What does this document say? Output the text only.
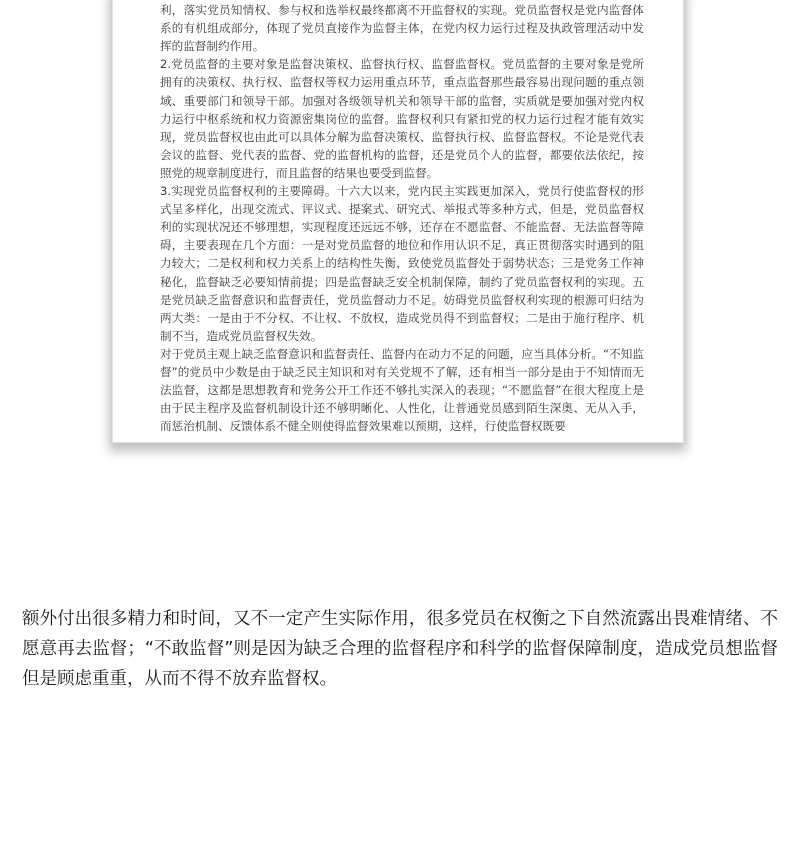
利，落实党员知情权、参与权和选举权最终都离不开监督权的实现。党员监督权是党内监督体系的有机组成部分，体现了党员直接作为监督主体，在党内权力运行过程及执政管理活动中发挥的监督制约作用。

2.党员监督的主要对象是监督决策权、监督执行权、监督监督权。党员监督的主要对象是党所拥有的决策权、执行权、监督权等权力运用重点环节，重点监督那些最容易出现问题的重点领域、重要部门和领导干部。加强对各级领导机关和领导干部的监督，实质就是要加强对党内权力运行中枢系统和权力资源密集岗位的监督。监督权利只有紧扣党的权力运行过程才能有效实现，党员监督权也由此可以具体分解为监督决策权、监督执行权、监督监督权。不论是党代表会议的监督、党代表的监督、党的监督机构的监督，还是党员个人的监督，都要依法依纪，按照党的规章制度进行，而且监督的结果也要受到监督。

3.实现党员监督权利的主要障碍。十六大以来，党内民主实践更加深入，党员行使监督权的形式呈多样化，出现交流式、评议式、提案式、研究式、举报式等多种方式，但是，党员监督权利的实现状况还不够理想，实现程度还远远不够，还存在不愿监督、不能监督、无法监督等障碍，主要表现在几个方面：一是对党员监督的地位和作用认识不足，真正贯彻落实时遇到的阻力较大；二是权利和权力关系上的结构性失衡，致使党员监督处于弱势状态；三是党务工作神秘化，监督缺乏必要知情前提；四是监督缺乏安全机制保障，制约了党员监督权利的实现。五是党员缺乏监督意识和监督责任，党员监督动力不足。妨碍党员监督权利实现的根源可归结为两大类：一是由于不分权、不让权、不放权，造成党员得不到监督权；二是由于施行程序、机制不当，造成党员监督权失效。

对于党员主观上缺乏监督意识和监督责任、监督内在动力不足的问题，应当具体分析。“不知监督”的党员中少数是由于缺乏民主知识和对有关党规不了解，还有相当一部分是由于不知情而无法监督，这都是思想教育和党务公开工作还不够扎实深入的表现；“不愿监督”在很大程度上是由于民主程序及监督机制设计还不够明晰化、人性化，让普通党员感到陌生深奥、无从入手，而惩治机制、反馈体系不健全则使得监督效果难以预期，这样，行使监督权既要

额外付出很多精力和时间，又不一定产生实际作用，很多党员在权衡之下自然流露出畏难情绪、不愿意再去监督；“不敢监督”则是因为缺乏合理的监督程序和科学的监督保障制度，造成党员想监督但是顾虑重重，从而不得不放弃监督权。
